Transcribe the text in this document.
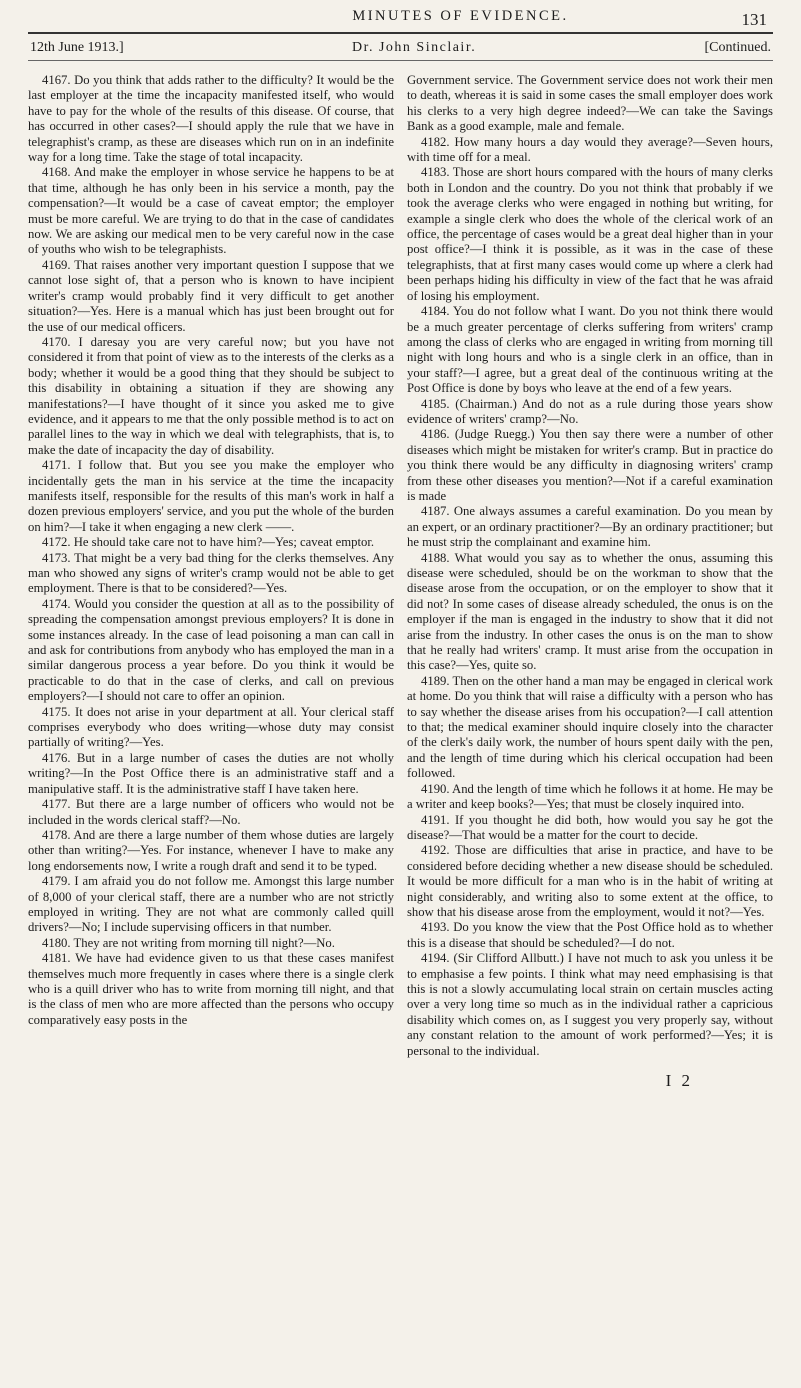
MINUTES OF EVIDENCE.	131
12th June 1913.]	Dr. John Sinclair.	[Continued.

4167. Do you think that adds rather to the difficulty? It would be the last employer at the time the incapacity manifested itself, who would have to pay for the whole of the results of this disease. Of course, that has occurred in other cases?—I should apply the rule that we have in telegraphist's cramp, as these are diseases which run on in an indefinite way for a long time. Take the stage of total incapacity.

4168. And make the employer in whose service he happens to be at that time, although he has only been in his service a month, pay the compensation?—It would be a case of caveat emptor; the employer must be more careful. We are trying to do that in the case of candidates now. We are asking our medical men to be very careful now in the case of youths who wish to be telegraphists.

4169. That raises another very important question I suppose that we cannot lose sight of, that a person who is known to have incipient writer's cramp would probably find it very difficult to get another situation?—Yes. Here is a manual which has just been brought out for the use of our medical officers.

4170. I daresay you are very careful now; but you have not considered it from that point of view as to the interests of the clerks as a body; whether it would be a good thing that they should be subject to this disability in obtaining a situation if they are showing any manifestations?—I have thought of it since you asked me to give evidence, and it appears to me that the only possible method is to act on parallel lines to the way in which we deal with telegraphists, that is, to make the date of incapacity the day of disability.

4171. I follow that. But you see you make the employer who incidentally gets the man in his service at the time the incapacity manifests itself, responsible for the results of this man's work in half a dozen previous employers' service, and you put the whole of the burden on him?—I take it when engaging a new clerk ——.

4172. He should take care not to have him?—Yes; caveat emptor.

4173. That might be a very bad thing for the clerks themselves. Any man who showed any signs of writer's cramp would not be able to get employment. There is that to be considered?—Yes.

4174. Would you consider the question at all as to the possibility of spreading the compensation amongst previous employers? It is done in some instances already. In the case of lead poisoning a man can call in and ask for contributions from anybody who has employed the man in a similar dangerous process a year before. Do you think it would be practicable to do that in the case of clerks, and call on previous employers?—I should not care to offer an opinion.

4175. It does not arise in your department at all. Your clerical staff comprises everybody who does writing—whose duty may consist partially of writing?—Yes.

4176. But in a large number of cases the duties are not wholly writing?—In the Post Office there is an administrative staff and a manipulative staff. It is the administrative staff I have taken here.

4177. But there are a large number of officers who would not be included in the words clerical staff?—No.

4178. And are there a large number of them whose duties are largely other than writing?—Yes. For instance, whenever I have to make any long endorsements now, I write a rough draft and send it to be typed.

4179. I am afraid you do not follow me. Amongst this large number of 8,000 of your clerical staff, there are a number who are not strictly employed in writing. They are not what are commonly called quill drivers?—No; I include supervising officers in that number.

4180. They are not writing from morning till night?—No.

4181. We have had evidence given to us that these cases manifest themselves much more frequently in cases where there is a single clerk who is a quill driver who has to write from morning till night, and that is the class of men who are more affected than the persons who occupy comparatively easy posts in the

Government service. The Government service does not work their men to death, whereas it is said in some cases the small employer does work his clerks to a very high degree indeed?—We can take the Savings Bank as a good example, male and female.

4182. How many hours a day would they average?—Seven hours, with time off for a meal.

4183. Those are short hours compared with the hours of many clerks both in London and the country. Do you not think that probably if we took the average clerks who were engaged in nothing but writing, for example a single clerk who does the whole of the clerical work of an office, the percentage of cases would be a great deal higher than in your post office?—I think it is possible, as it was in the case of these telegraphists, that at first many cases would come up where a clerk had been perhaps hiding his difficulty in view of the fact that he was afraid of losing his employment.

4184. You do not follow what I want. Do you not think there would be a much greater percentage of clerks suffering from writers' cramp among the class of clerks who are engaged in writing from morning till night with long hours and who is a single clerk in an office, than in your staff?—I agree, but a great deal of the continuous writing at the Post Office is done by boys who leave at the end of a few years.

4185. (Chairman.) And do not as a rule during those years show evidence of writers' cramp?—No.

4186. (Judge Ruegg.) You then say there were a number of other diseases which might be mistaken for writer's cramp. But in practice do you think there would be any difficulty in diagnosing writers' cramp from these other diseases you mention?—Not if a careful examination is made

4187. One always assumes a careful examination. Do you mean by an expert, or an ordinary practitioner?—By an ordinary practitioner; but he must strip the complainant and examine him.

4188. What would you say as to whether the onus, assuming this disease were scheduled, should be on the workman to show that the disease arose from the occupation, or on the employer to show that it did not? In some cases of disease already scheduled, the onus is on the employer if the man is engaged in the industry to show that it did not arise from the industry. In other cases the onus is on the man to show that he really had writers' cramp. It must arise from the occupation in this case?—Yes, quite so.

4189. Then on the other hand a man may be engaged in clerical work at home. Do you think that will raise a difficulty with a person who has to say whether the disease arises from his occupation?—I call attention to that; the medical examiner should inquire closely into the character of the clerk's daily work, the number of hours spent daily with the pen, and the length of time during which his clerical occupation had been followed.

4190. And the length of time which he follows it at home. He may be a writer and keep books?—Yes; that must be closely inquired into.

4191. If you thought he did both, how would you say he got the disease?—That would be a matter for the court to decide.

4192. Those are difficulties that arise in practice, and have to be considered before deciding whether a new disease should be scheduled. It would be more difficult for a man who is in the habit of writing at night considerably, and writing also to some extent at the office, to show that his disease arose from the employment, would it not?—Yes.

4193. Do you know the view that the Post Office hold as to whether this is a disease that should be scheduled?—I do not.

4194. (Sir Clifford Allbutt.) I have not much to ask you unless it be to emphasise a few points. I think what may need emphasising is that this is not a slowly accumulating local strain on certain muscles acting over a very long time so much as in the individual rather a capricious disability which comes on, as I suggest you very properly say, without any constant relation to the amount of work performed?—Yes; it is personal to the individual.

I 2
